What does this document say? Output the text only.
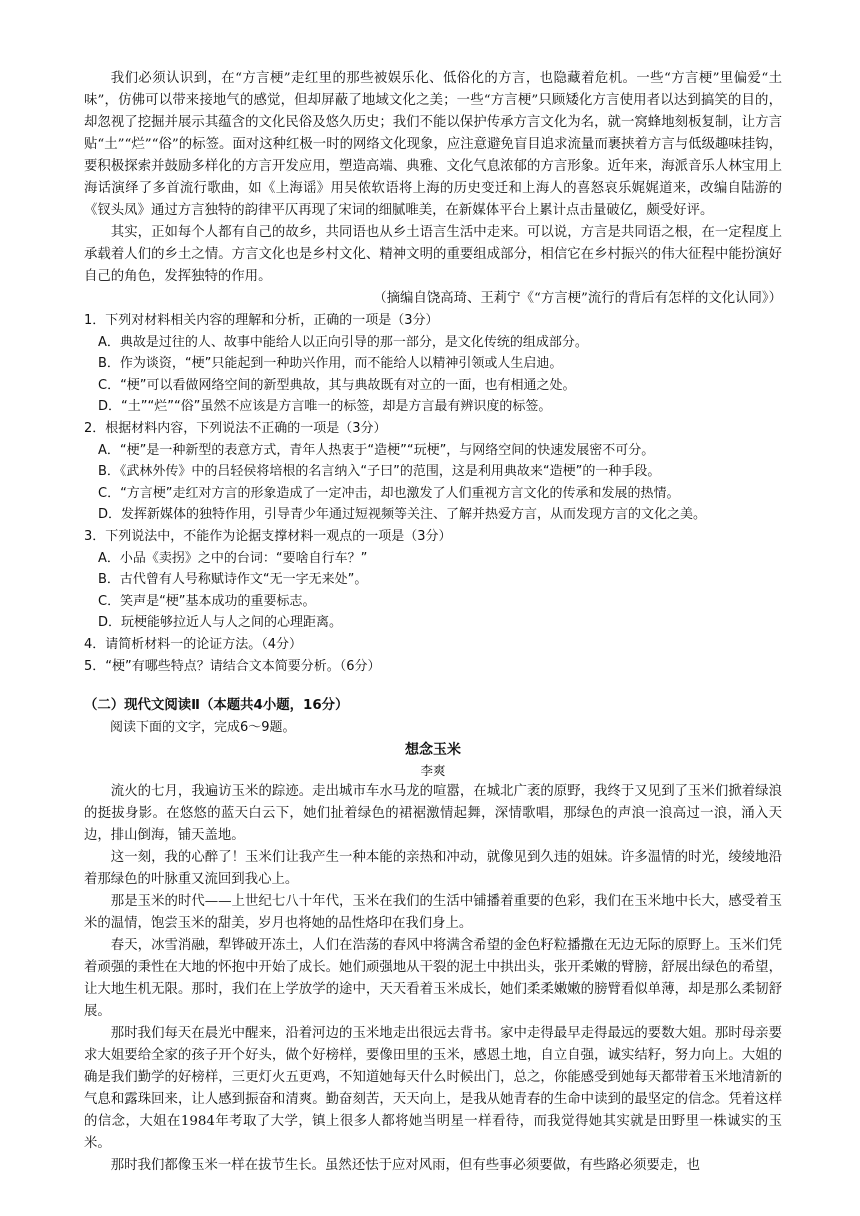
我们必须认识到，在“方言梗”走红里的那些被娱乐化、低俗化的方言，也隐藏着危机。一些“方言梗”里偏爱“土味”，仿佛可以带来接地气的感觉，但却屏蔽了地域文化之美；一些“方言梗”只顾矮化方言使用者以达到搞笑的目的，却忽视了挖掘并展示其蕴含的文化民俗及悠久历史；我们不能以保护传承方言文化为名，就一窝蜂地刻板复制，让方言贴“土”“烂”“俗”的标签。面对这种红极一时的网络文化现象，应注意避免盲目追求流量而裹挟着方言与低级趣味挂钩，要积极探索并鼓励多样化的方言开发应用，塑造高端、典雅、文化气息浓郁的方言形象。近年来，海派音乐人林宝用上海话演绎了多首流行歌曲，如《上海谣》用吴侬软语将上海的历史变迁和上海人的喜怒哀乐娓娓道来，改编自陆游的《钗头凤》通过方言独特的韵律平仄再现了宋词的细腻唯美，在新媒体平台上累计点击量破亿，颇受好评。

其实，正如每个人都有自己的故乡，共同语也从乡土语言生活中走来。可以说，方言是共同语之根，在一定程度上承载着人们的乡土之情。方言文化也是乡村文化、精神文明的重要组成部分，相信它在乡村振兴的伟大征程中能扮演好自己的角色，发挥独特的作用。

（摘编自饶高琦、王莉宁《“方言梗”流行的背后有怎样的文化认同》）

1．下列对材料相关内容的理解和分析，正确的一项是（3分）

A．典故是过往的人、故事中能给人以正向引导的那一部分，是文化传统的组成部分。

B．作为谈资，“梗”只能起到一种助兴作用，而不能给人以精神引领或人生启迪。

C．“梗”可以看做网络空间的新型典故，其与典故既有对立的一面，也有相通之处。

D．“土”“烂”“俗”虽然不应该是方言唯一的标签，却是方言最有辨识度的标签。

2．根据材料内容，下列说法不正确的一项是（3分）

A．“梗”是一种新型的表意方式，青年人热衷于“造梗”“玩梗”，与网络空间的快速发展密不可分。

B．《武林外传》中的吕轻侯将培根的名言纳入“子曰”的范围，这是利用典故来“造梗”的一种手段。

C．“方言梗”走红对方言的形象造成了一定冲击，却也激发了人们重视方言文化的传承和发展的热情。

D．发挥新媒体的独特作用，引导青少年通过短视频等关注、了解并热爱方言，从而发现方言的文化之美。

3．下列说法中，不能作为论据支撑材料一观点的一项是（3分）

A．小品《卖拐》之中的台词：“要啥自行车？”

B．古代曾有人号称赋诗作文“无一字无来处”。

C．笑声是“梗”基本成功的重要标志。

D．玩梗能够拉近人与人之间的心理距离。

4．请简析材料一的论证方法。（4分）

5．“梗”有哪些特点？请结合文本简要分析。（6分）

（二）现代文阅读Ⅱ（本题共4小题，16分）

阅读下面的文字，完成6～9题。

想念玉米

李爽

流火的七月，我遍访玉米的踪迹。走出城市车水马龙的喧嚣，在城北广袤的原野，我终于又见到了玉米们掀着绿浪的挺拔身影。在悠悠的蓝天白云下，她们扯着绿色的裙裾激情起舞，深情歌唱，那绿色的声浪一浪高过一浪，涌入天边，排山倒海，铺天盖地。

这一刻，我的心醉了！玉米们让我产生一种本能的亲热和冲动，就像见到久违的姐妹。许多温情的时光，绫绫地沿着那绿色的叶脉重又流回到我心上。

那是玉米的时代——上世纪七八十年代，玉米在我们的生活中铺播着重要的色彩，我们在玉米地中长大，感受着玉米的温情，饱尝玉米的甜美，岁月也将她的品性烙印在我们身上。

春天，冰雪消融，犁铧破开冻土，人们在浩荡的春风中将满含希望的金色籽粒播撒在无边无际的原野上。玉米们凭着顽强的秉性在大地的怀抱中开始了成长。她们顽强地从干裂的泥土中拱出头，张开柔嫩的臂膀，舒展出绿色的希望，让大地生机无限。那时，我们在上学放学的途中，天天看着玉米成长，她们柔柔嫩嫩的膀臂看似单薄，却是那么柔韧舒展。

那时我们每天在晨光中醒来，沿着河边的玉米地走出很远去背书。家中走得最早走得最远的要数大姐。那时母亲要求大姐要给全家的孩子开个好头，做个好榜样，要像田里的玉米，感恩土地，自立自强，诚实结籽，努力向上。大姐的确是我们勤学的好榜样，三更灯火五更鸡，不知道她每天什么时候出门，总之，你能感受到她每天都带着玉米地清新的气息和露珠回来，让人感到振奋和清爽。勤奋刻苦，天天向上，是我从她青春的生命中读到的最坚定的信念。凭着这样的信念，大姐在1984年考取了大学，镇上很多人都将她当明星一样看待，而我觉得她其实就是田野里一株诚实的玉米。

那时我们都像玉米一样在拔节生长。虽然还怯于应对风雨，但有些事必须要做，有些路必须要走，也
